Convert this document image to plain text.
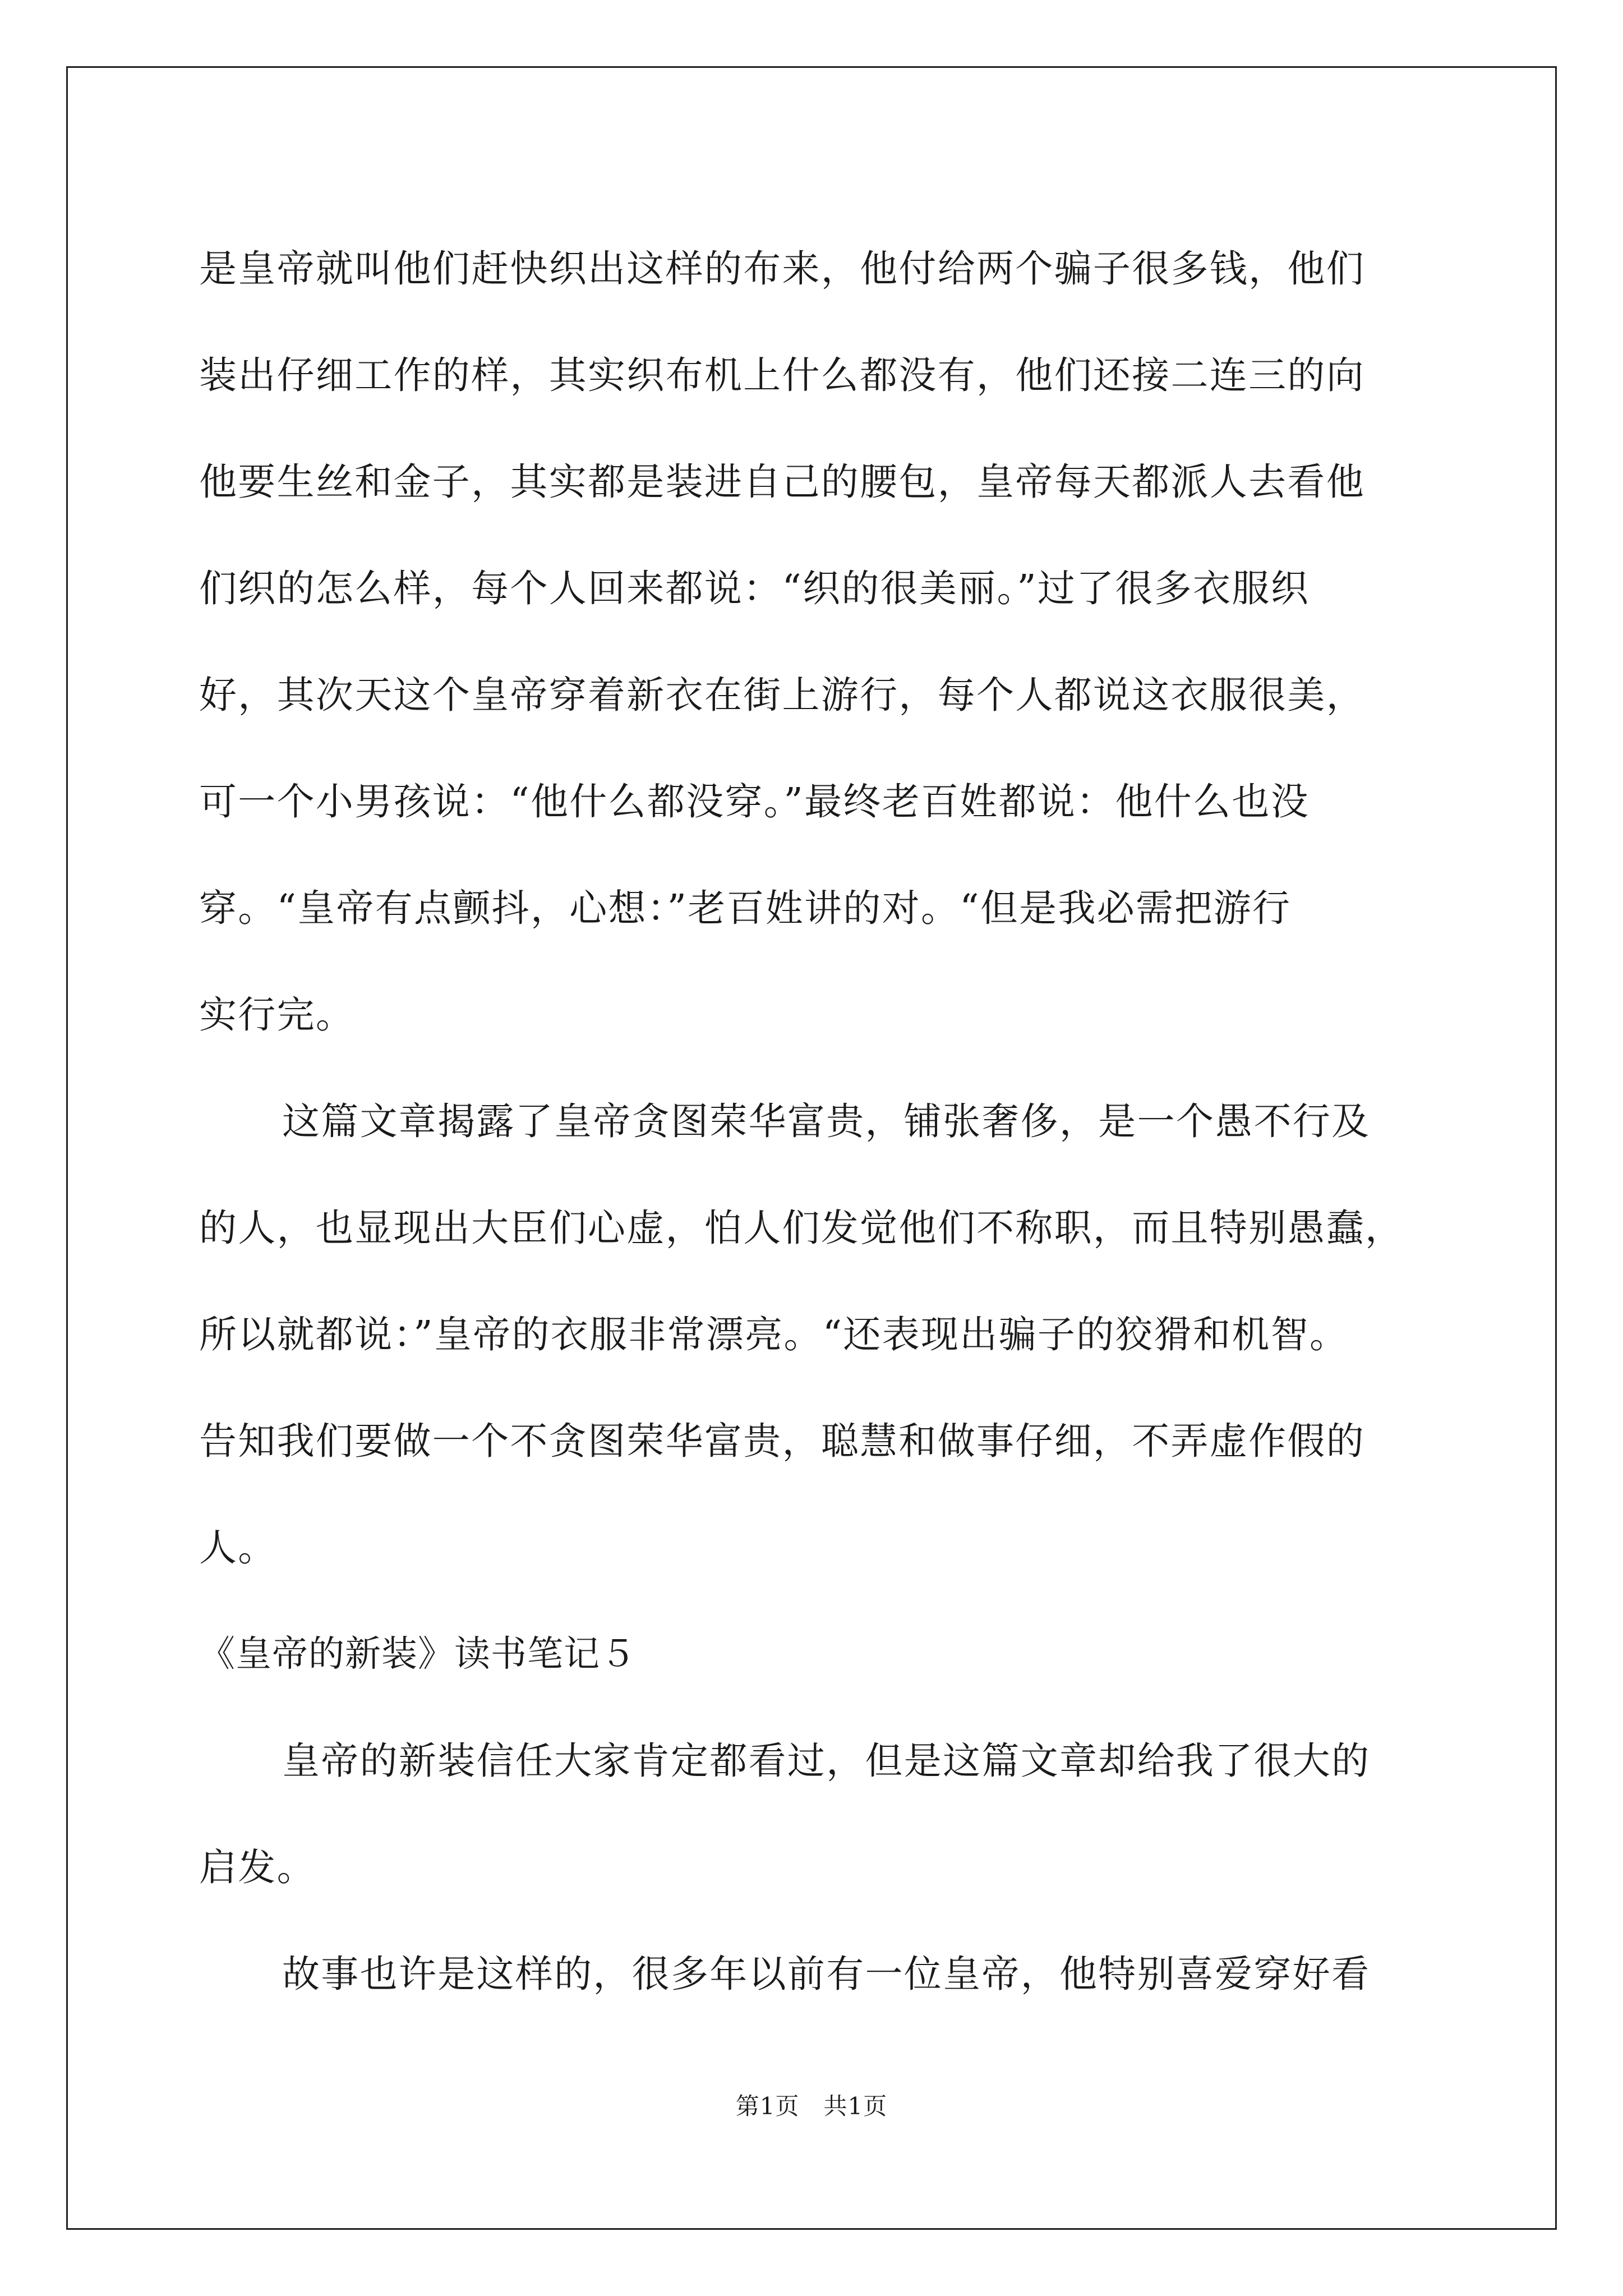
是皇帝就叫他们赶快织出这样的布来，他付给两个骗子很多钱，他们
装出仔细工作的样，其实织布机上什么都没有，他们还接二连三的向
他要生丝和金子，其实都是装进自己的腰包，皇帝每天都派人去看他
们织的怎么样，每个人回来都说：“织的很美丽。”过了很多衣服织
好，其次天这个皇帝穿着新衣在街上游行，每个人都说这衣服很美，
可一个小男孩说：“他什么都没穿。”最终老百姓都说：他什么也没
穿。“皇帝有点颤抖，心想：”老百姓讲的对。“但是我必需把游行
实行完。
这篇文章揭露了皇帝贪图荣华富贵，铺张奢侈，是一个愚不行及
的人，也显现出大臣们心虚，怕人们发觉他们不称职，而且特别愚蠢，
所以就都说：”皇帝的衣服非常漂亮。“还表现出骗子的狡猾和机智。
告知我们要做一个不贪图荣华富贵，聪慧和做事仔细，不弄虚作假的
人。
《皇帝的新装》读书笔记５
皇帝的新装信任大家肯定都看过，但是这篇文章却给我了很大的
启发。
故事也许是这样的，很多年以前有一位皇帝，他特别喜爱穿好看
第1页　共1页
